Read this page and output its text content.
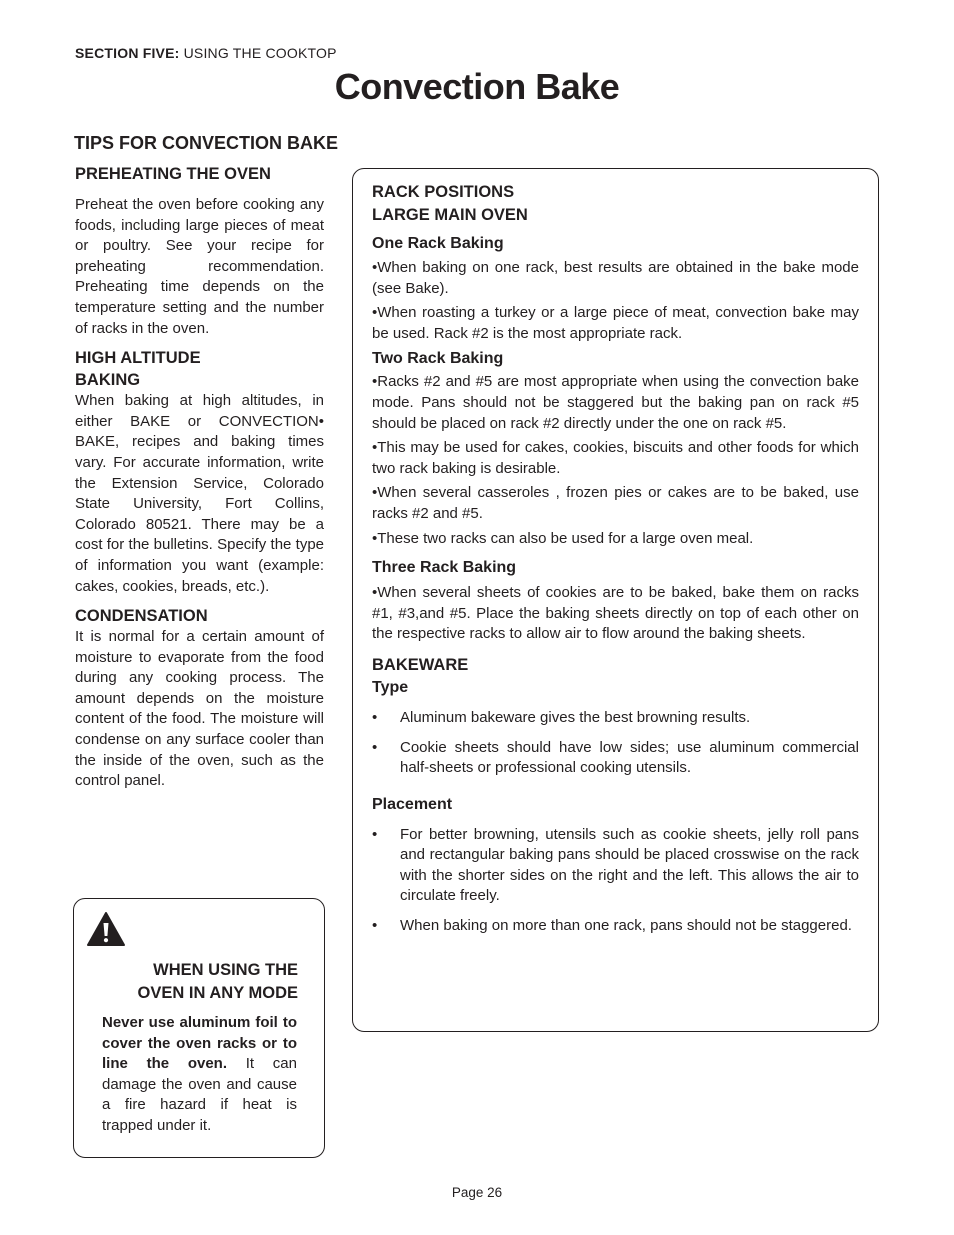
SECTION FIVE: USING THE COOKTOP
Convection Bake
TIPS FOR CONVECTION BAKE
PREHEATING THE OVEN

Preheat the oven before cooking any foods, including large pieces of meat or poultry. See your recipe for preheating recommendation. Preheating time depends on the temperature setting and the number of racks in the oven.

HIGH ALTITUDE
BAKING

When baking at high altitudes, in either BAKE or CONVECTION• BAKE, recipes and baking times vary. For accurate information, write the Extension Service, Colorado State University, Fort Collins, Colorado 80521. There may be a cost for the bulletins. Specify the type of information you want (example: cakes, cookies, breads, etc.).

CONDENSATION

It is normal for a certain amount of moisture to evaporate from the food during any cooking process. The amount depends on the moisture content of the food. The moisture will condense on any surface cooler than the inside of the oven, such as the control panel.

WHEN USING THE
OVEN IN ANY MODE

Never use aluminum foil to cover the oven racks or to line the oven. It can damage the oven and cause a fire hazard if heat is trapped under it.

RACK POSITIONS
LARGE MAIN OVEN
One Rack Baking

•When baking on one rack, best results are obtained in the bake mode (see Bake).

•When roasting a turkey or a large piece of meat, convection bake may be used. Rack #2 is the most appropriate rack.

Two Rack Baking

•Racks #2 and #5 are most appropriate when using the convection bake mode. Pans should not be staggered but the baking pan on rack #5 should be placed on rack #2 directly under the one on rack #5.

•This may be used for cakes, cookies, biscuits and other foods for which two rack baking is desirable.

•When several casseroles , frozen pies or cakes are to be baked, use racks #2 and #5.

•These two racks can also be used for a large oven meal.

Three Rack Baking

•When several sheets of cookies are to be baked, bake them on racks #1, #3,and #5. Place the baking sheets directly on top of each other on the respective racks to allow air to flow around the baking sheets.

BAKEWARE
Type
• Aluminum bakeware gives the best browning results.
• Cookie sheets should have low sides; use aluminum commercial half-sheets or professional cooking utensils.
Placement
• For better browning, utensils such as cookie sheets, jelly roll pans and rectangular baking pans should be placed crosswise on the rack with the shorter sides on the right and the left. This allows the air to circulate freely.
• When baking on more than one rack, pans should not be staggered.
Page 26
